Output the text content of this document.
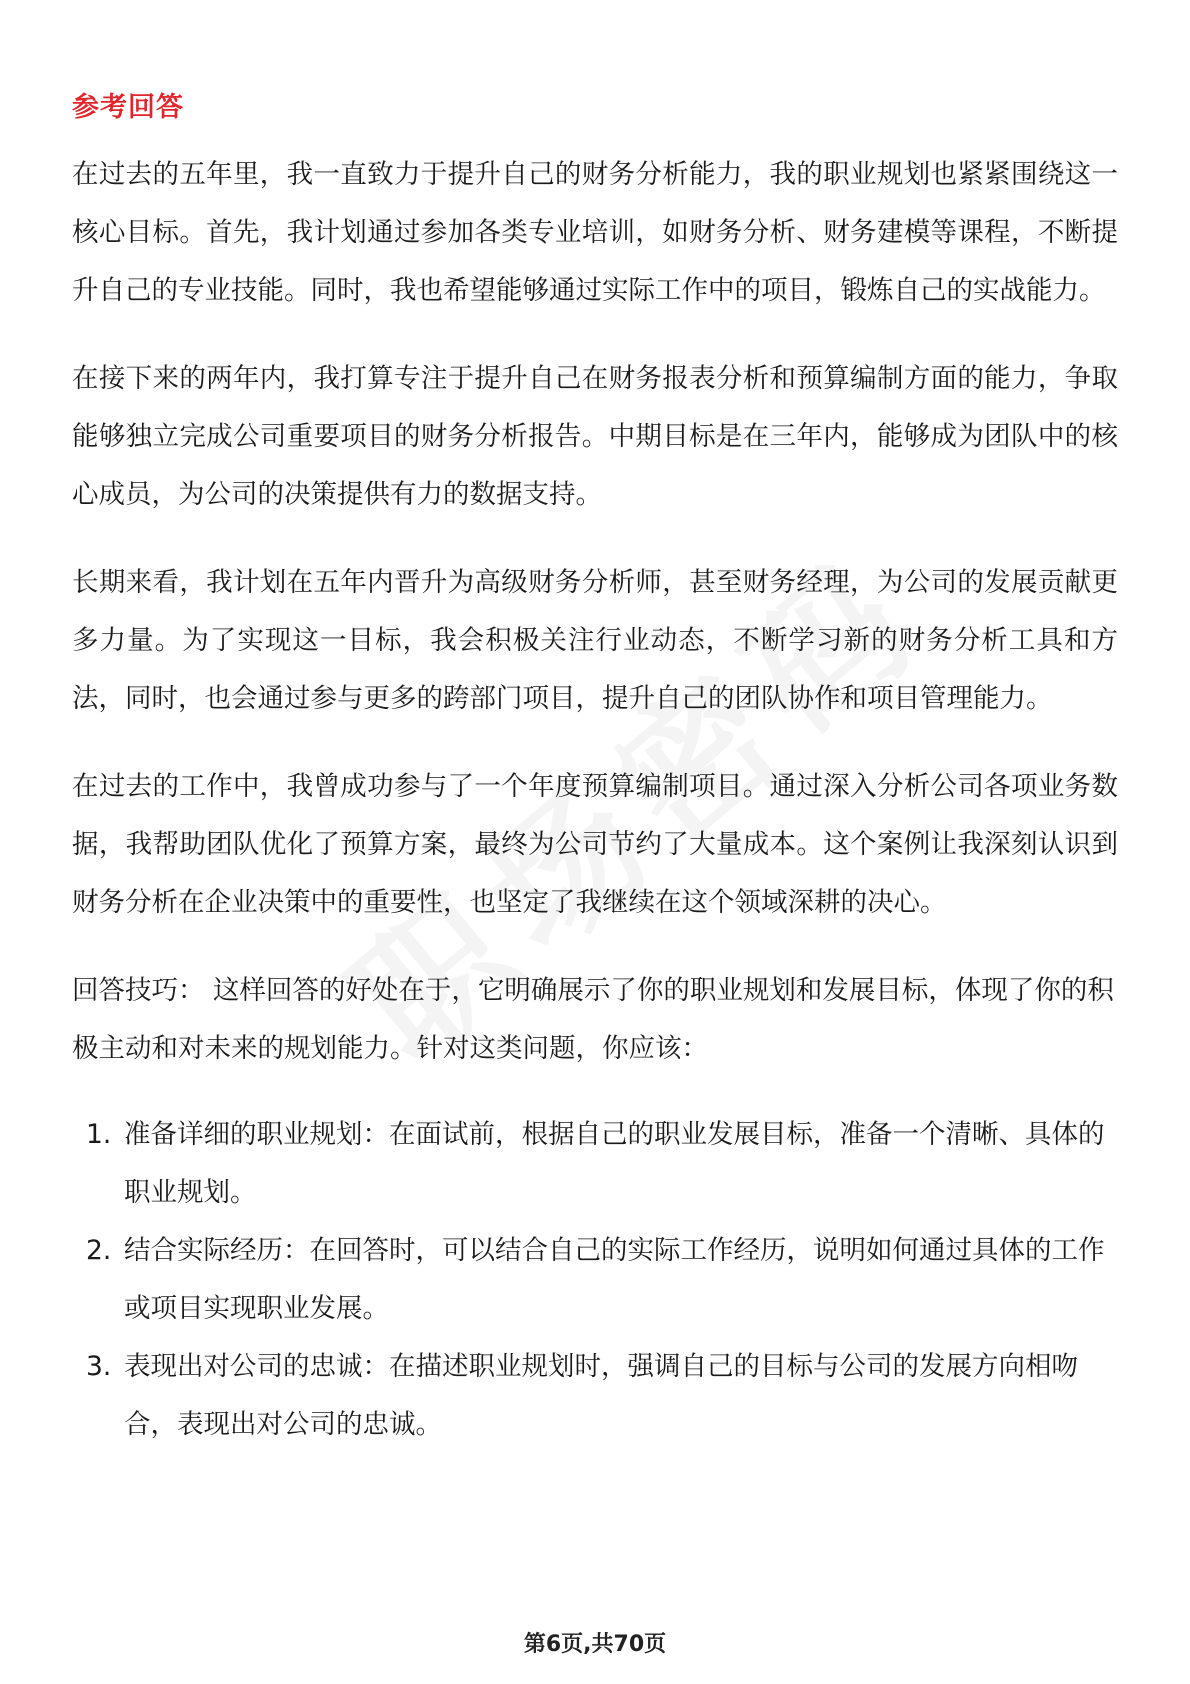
参考回答

在过去的五年里，我一直致力于提升自己的财务分析能力，我的职业规划也紧紧围绕这一核心目标。首先，我计划通过参加各类专业培训，如财务分析、财务建模等课程，不断提升自己的专业技能。同时，我也希望能够通过实际工作中的项目，锻炼自己的实战能力。

在接下来的两年内，我打算专注于提升自己在财务报表分析和预算编制方面的能力，争取能够独立完成公司重要项目的财务分析报告。中期目标是在三年内，能够成为团队中的核心成员，为公司的决策提供有力的数据支持。

长期来看，我计划在五年内晋升为高级财务分析师，甚至财务经理，为公司的发展贡献更多力量。为了实现这一目标，我会积极关注行业动态，不断学习新的财务分析工具和方法，同时，也会通过参与更多的跨部门项目，提升自己的团队协作和项目管理能力。

在过去的工作中，我曾成功参与了一个年度预算编制项目。通过深入分析公司各项业务数据，我帮助团队优化了预算方案，最终为公司节约了大量成本。这个案例让我深刻认识到财务分析在企业决策中的重要性，也坚定了我继续在这个领域深耕的决心。

回答技巧： 这样回答的好处在于，它明确展示了你的职业规划和发展目标，体现了你的积极主动和对未来的规划能力。针对这类问题，你应该：

1. 准备详细的职业规划：在面试前，根据自己的职业发展目标，准备一个清晰、具体的职业规划。
2. 结合实际经历：在回答时，可以结合自己的实际工作经历，说明如何通过具体的工作或项目实现职业发展。
3. 表现出对公司的忠诚：在描述职业规划时，强调自己的目标与公司的发展方向相吻合，表现出对公司的忠诚。
第6页,共70页
